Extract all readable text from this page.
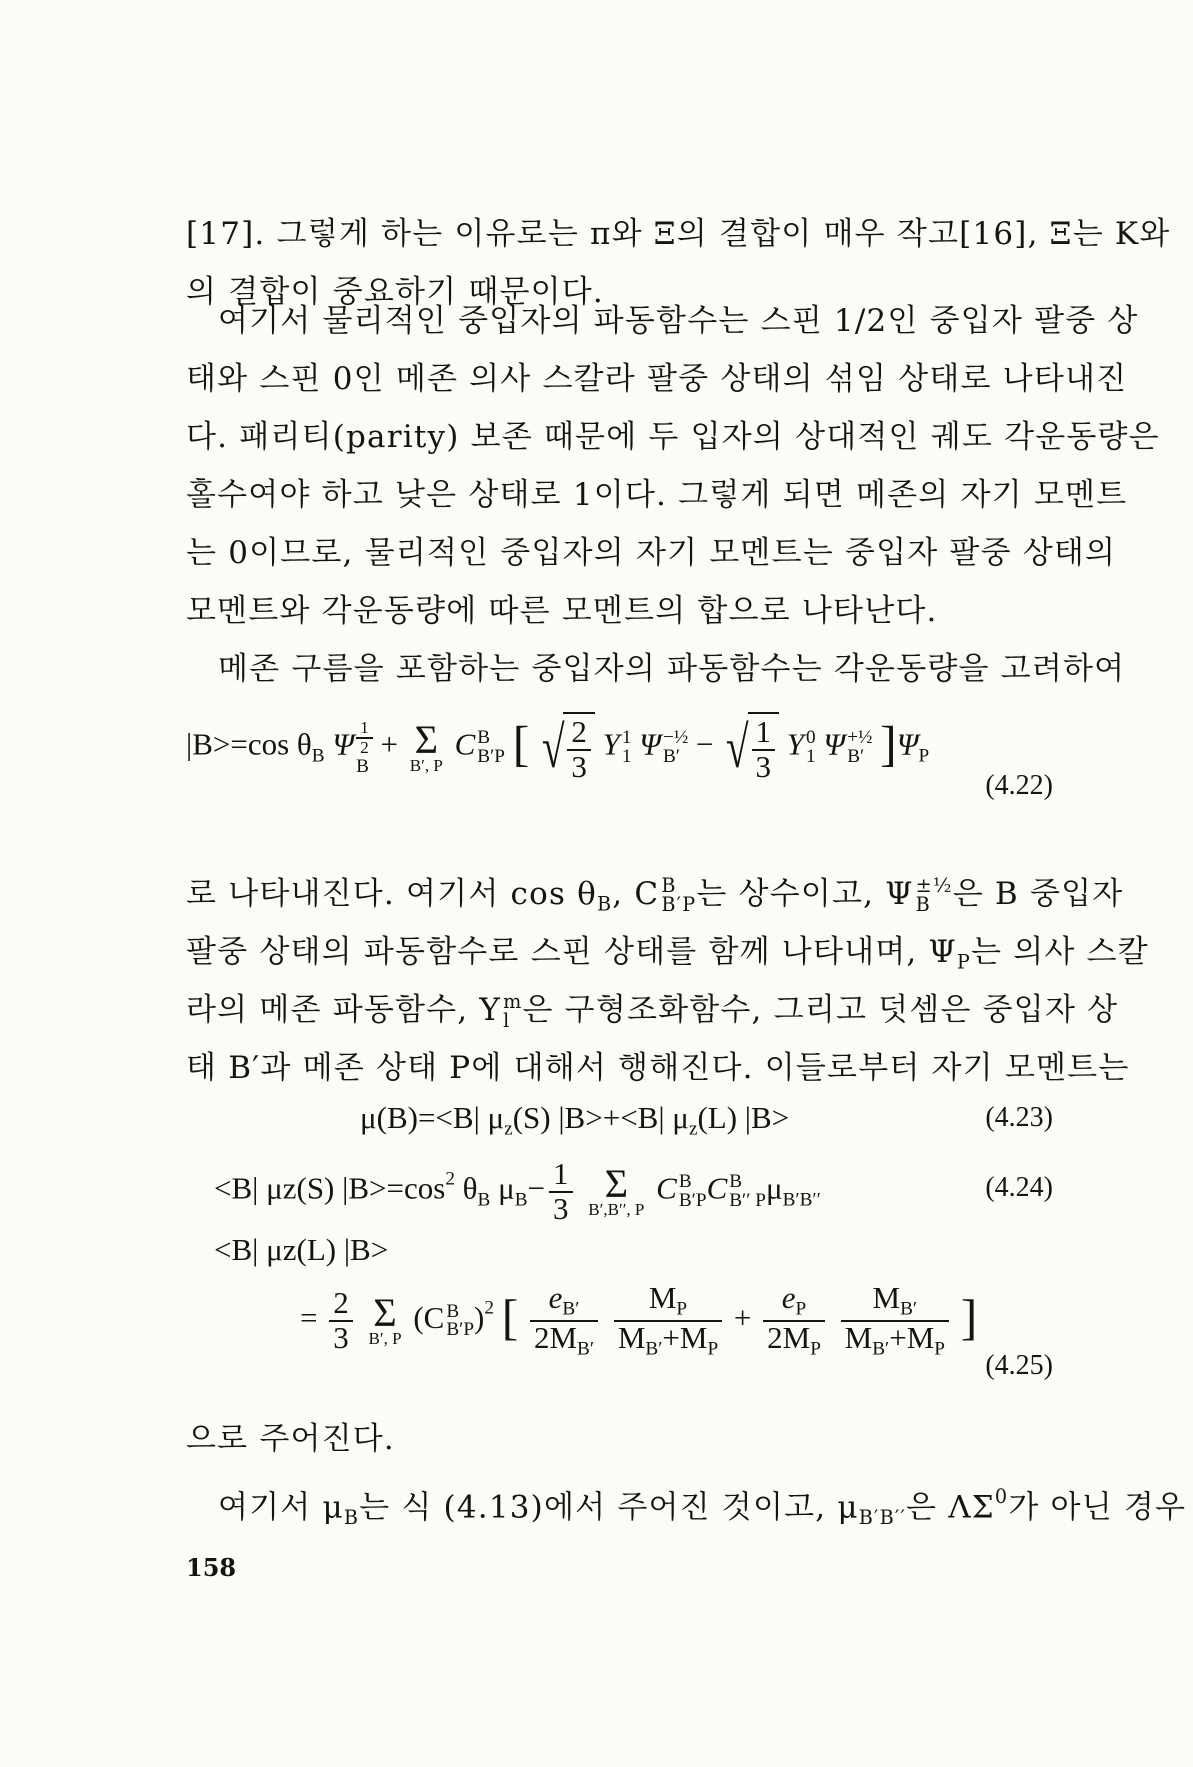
[17]. 그렇게 하는 이유로는 π와 Ξ의 결합이 매우 작고[16], Ξ는 K와
의 결합이 중요하기 때문이다.
여기서 물리적인 중입자의 파동함수는 스핀 1/2인 중입자 팔중 상
태와 스핀 0인 메존 의사 스칼라 팔중 상태의 섞임 상태로 나타내진
다. 패리티(parity) 보존 때문에 두 입자의 상대적인 궤도 각운동량은
홀수여야 하고 낮은 상태로 1이다. 그렇게 되면 메존의 자기 모멘트
는 0이므로, 물리적인 중입자의 자기 모멘트는 중입자 팔중 상태의
모멘트와 각운동량에 따른 모멘트의 합으로 나타난다.
메존 구름을 포함하는 중입자의 파동함수는 각운동량을 고려하여
|B>=cos $\theta_B$ Ψ 1
2
B
+ Σ
B′, P
C B
B′P [ √ $\frac{2}{3}$ Y 1
1 Ψ −½
B′ − √ $\frac{1}{3}$ Y 0
1 Ψ +½
B′ ]$\Psi_P$
(4.22)
로 나타내진다. 여기서 $\cos \theta_B$, C B
B′P 는 상수이고, Ψ ±½
B 은 B 중입자
팔중 상태의 파동함수로 스핀 상태를 함께 나타내며, $\Psi_P$는 의사 스칼
라의 메존 파동함수, Y m
l 은 구형조화함수, 그리고 덧셈은 중입자 상
태 B′과 메존 상태 P에 대해서 행해진다. 이들로부터 자기 모멘트는
μ(B)=<B| $\mu_z(S)$ |B>+<B| $\mu_z(L)$ |B>	(4.23)
<B| μz(S) $|B>=\cos^2$ $\theta_B$ $\mu_B- \frac{1}{3}$
Σ
B′,B′′, P
C B
B′P C B
B′′ P $\mu_{B'B''}$	(4.24)
<B| μz(L) |B>
= $\frac{2}{3}$
Σ
B′, P
(C B
B′P )$^2$ [ $\frac{e_{B'}}{2M_{B'}}$
$\frac{M_P}{M_{B'}+M_P} + \frac{e_P}{2M_P}$
$\frac{M_{B'}}{M_{B'}+M_P}$ ]
(4.25)
으로 주어진다.
여기서 $\mu_B$는 식 (4.13)에서 주어진 것이고, $\mu_{B'B''}$은 $\Lambda\Sigma^0$가 아닌 경우
158
